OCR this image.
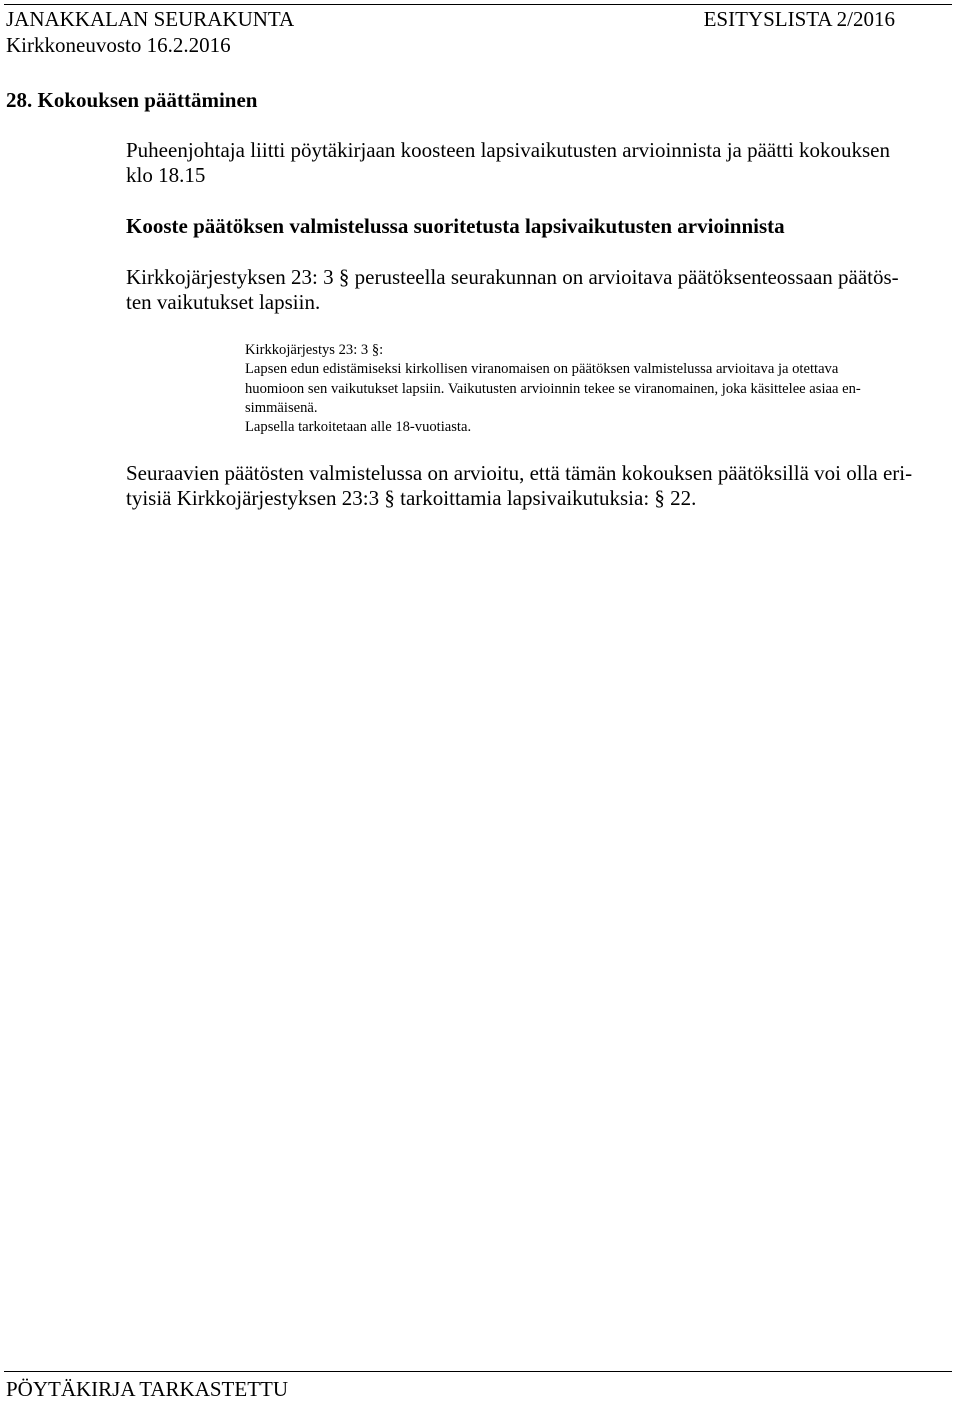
JANAKKALAN SEURAKUNTA	ESITYSLISTA 2/2016
Kirkkoneuvosto 16.2.2016
28. Kokouksen päättäminen
Puheenjohtaja liitti pöytäkirjaan koosteen lapsivaikutusten arvioinnista ja päätti kokouksen
klo 18.15
Kooste päätöksen valmistelussa suoritetusta lapsivaikutusten arvioinnista
Kirkkojärjestyksen 23: 3 § perusteella seurakunnan on arvioitava päätöksenteossaan päätös-
ten vaikutukset lapsiin.
Kirkkojärjestys 23: 3 §:
Lapsen edun edistämiseksi kirkollisen viranomaisen on päätöksen valmistelussa arvioitava ja otettava
huomioon sen vaikutukset lapsiin. Vaikutusten arvioinnin tekee se viranomainen, joka käsittelee asiaa en-
simmäisenä.
Lapsella tarkoitetaan alle 18-vuotiasta.
Seuraavien päätösten valmistelussa on arvioitu, että tämän kokouksen päätöksillä voi olla eri-
tyisiä Kirkkojärjestyksen 23:3 § tarkoittamia lapsivaikutuksia: § 22.
PÖYTÄKIRJA TARKASTETTU
